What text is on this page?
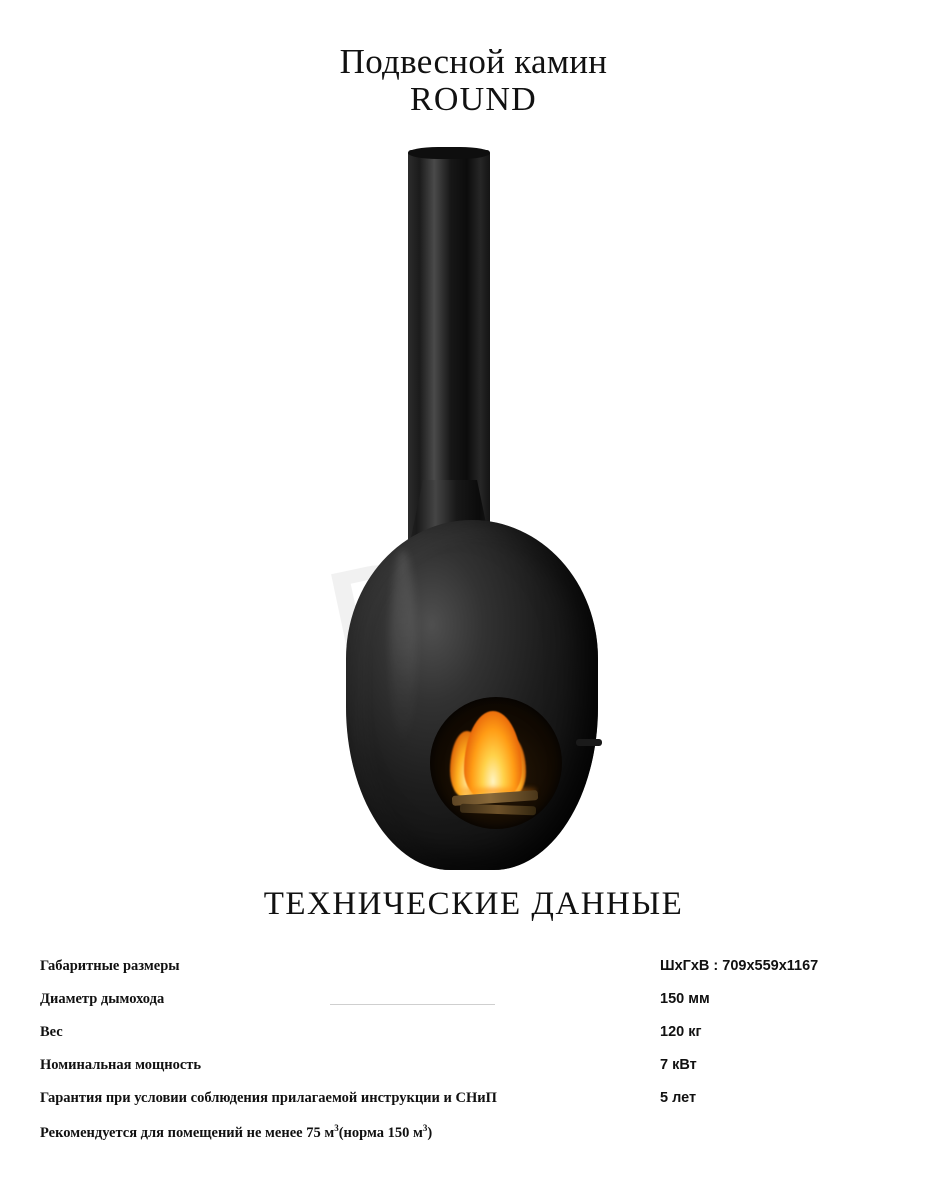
Подвесной камин
ROUND
ТЕХНИЧЕСКИЕ ДАННЫЕ
Габаритные размеры	ШхГхВ : 709x559x1167
Диаметр дымохода	150 мм
Вес	120 кг
Номинальная мощность	7 кВт
Гарантия при условии соблюдения прилагаемой инструкции и СНиП	5 лет
Рекомендуется для помещений не менее 75 $м^3(норма$ 150 $м^3$)
